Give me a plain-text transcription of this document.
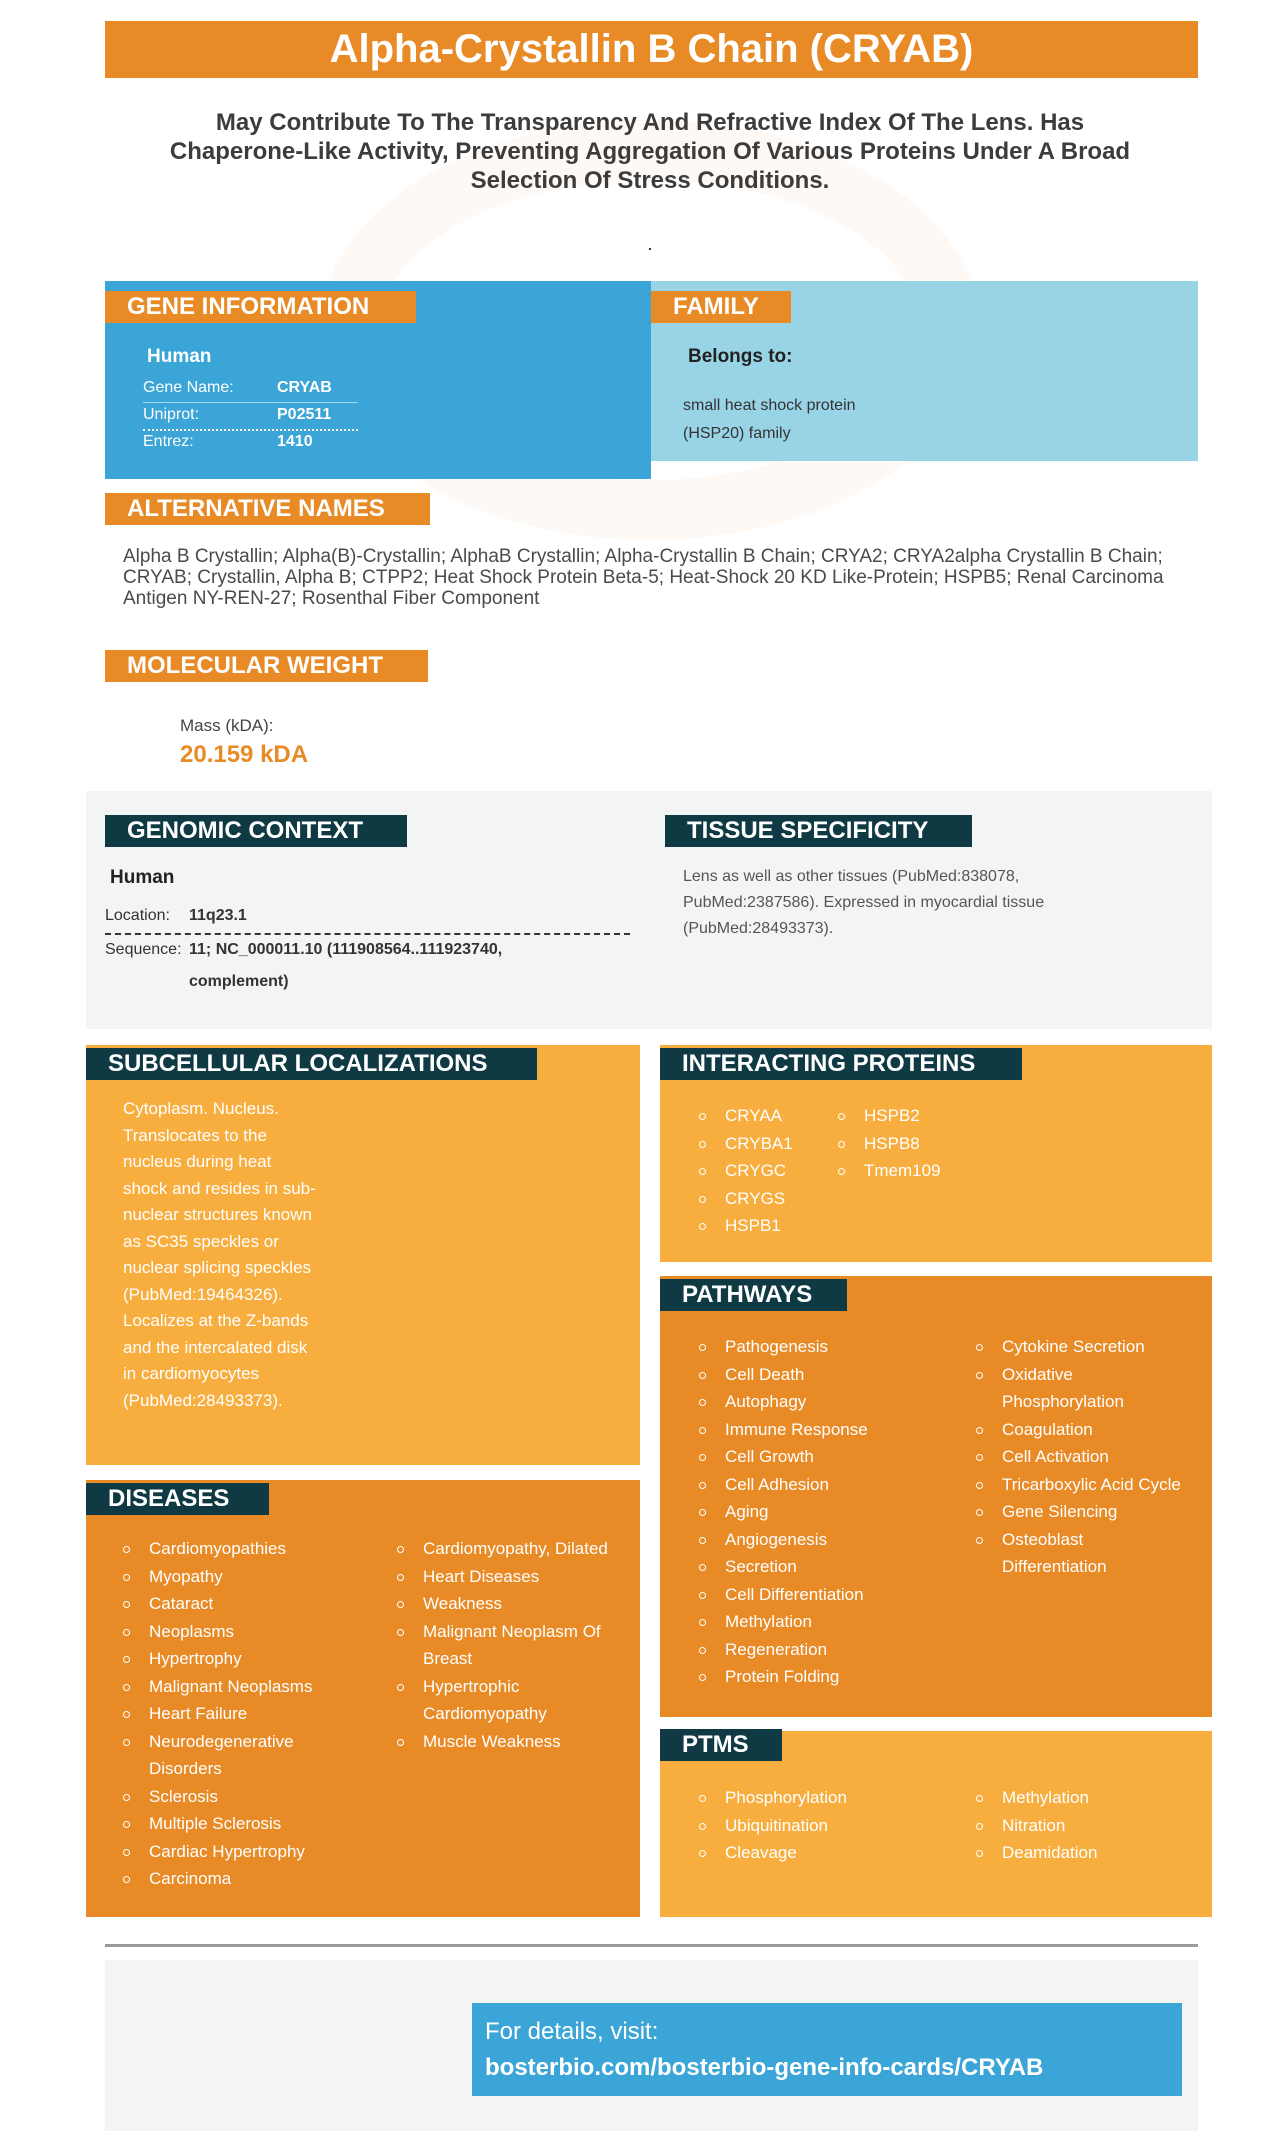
Alpha-Crystallin B Chain (CRYAB)
May Contribute To The Transparency And Refractive Index Of The Lens. Has Chaperone-Like Activity, Preventing Aggregation Of Various Proteins Under A Broad Selection Of Stress Conditions.
GENE INFORMATION
Human
Gene Name:	CRYAB
Uniprot:	P02511
Entrez:	1410
FAMILY
Belongs to:
small heat shock protein
(HSP20) family
ALTERNATIVE NAMES
Alpha B Crystallin; Alpha(B)-Crystallin; AlphaB Crystallin; Alpha-Crystallin B Chain; CRYA2; CRYA2alpha Crystallin B Chain; CRYAB; Crystallin, Alpha B; CTPP2; Heat Shock Protein Beta-5; Heat-Shock 20 KD Like-Protein; HSPB5; Renal Carcinoma Antigen NY-REN-27; Rosenthal Fiber Component
MOLECULAR WEIGHT
Mass (kDA):
20.159 kDA
GENOMIC CONTEXT
Human
Location: 11q23.1
Sequence: 11; NC_000011.10 (111908564..111923740,
complement)
TISSUE SPECIFICITY
Lens as well as other tissues (PubMed:838078,
PubMed:2387586). Expressed in myocardial tissue
(PubMed:28493373).
SUBCELLULAR LOCALIZATIONS
Cytoplasm. Nucleus.
Translocates to the
nucleus during heat
shock and resides in sub-
nuclear structures known
as SC35 speckles or
nuclear splicing speckles
(PubMed:19464326).
Localizes at the Z-bands
and the intercalated disk
in cardiomyocytes
(PubMed:28493373).
DISEASES
Cardiomyopathies
Myopathy
Cataract
Neoplasms
Hypertrophy
Malignant Neoplasms
Heart Failure
Neurodegenerative Disorders
Sclerosis
Multiple Sclerosis
Cardiac Hypertrophy
Carcinoma
Cardiomyopathy, Dilated
Heart Diseases
Weakness
Malignant Neoplasm Of Breast
Hypertrophic Cardiomyopathy
Muscle Weakness
INTERACTING PROTEINS
CRYAA
CRYBA1
CRYGC
CRYGS
HSPB1
HSPB2
HSPB8
Tmem109
PATHWAYS
Pathogenesis
Cell Death
Autophagy
Immune Response
Cell Growth
Cell Adhesion
Aging
Angiogenesis
Secretion
Cell Differentiation
Methylation
Regeneration
Protein Folding
Cytokine Secretion
Oxidative Phosphorylation
Coagulation
Cell Activation
Tricarboxylic Acid Cycle
Gene Silencing
Osteoblast Differentiation
PTMS
Phosphorylation
Ubiquitination
Cleavage
Methylation
Nitration
Deamidation
For details, visit:
bosterbio.com/bosterbio-gene-info-cards/CRYAB
